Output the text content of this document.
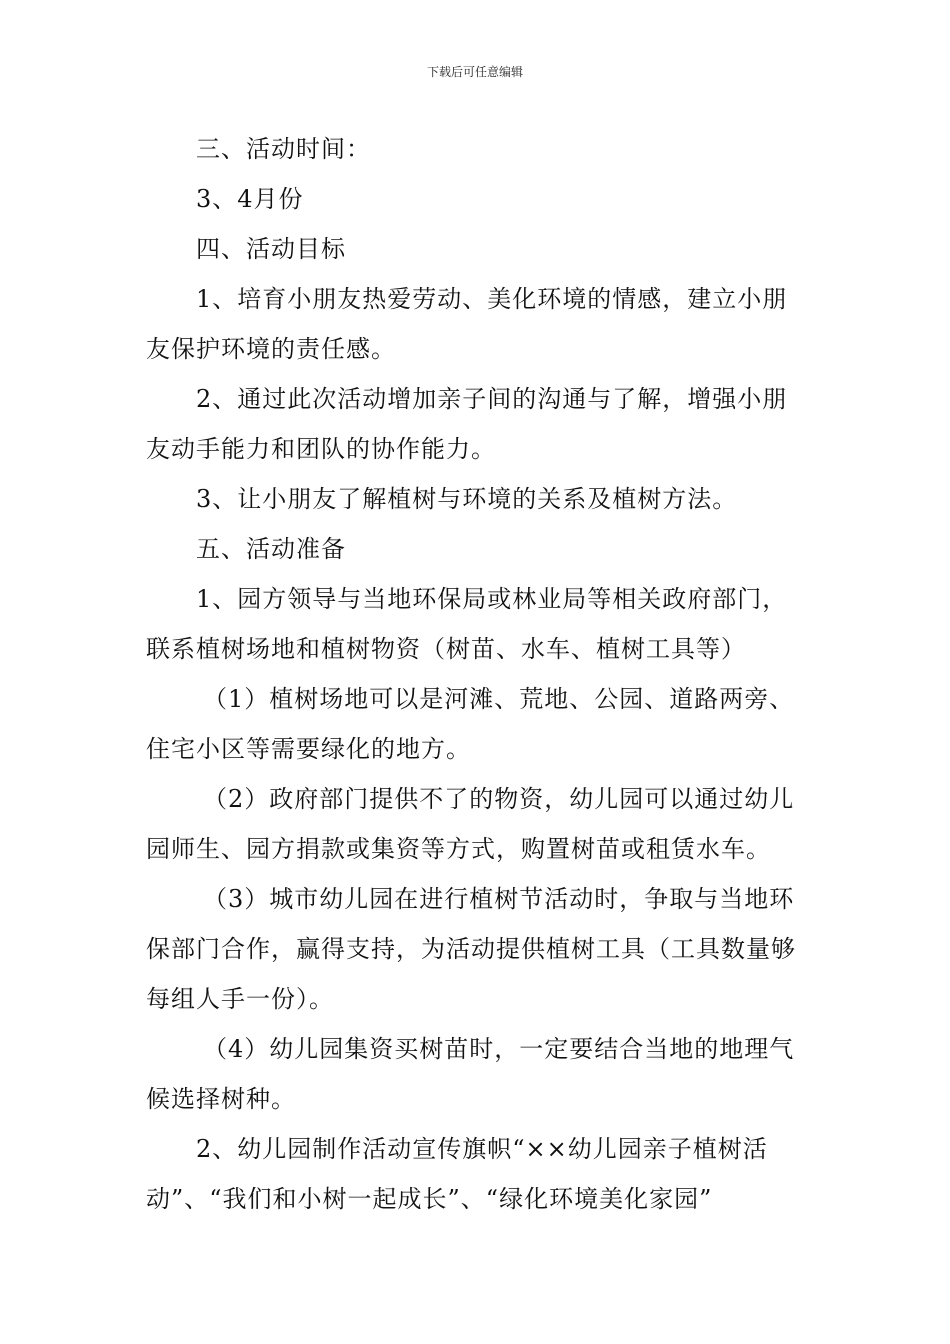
下载后可任意编辑

三、活动时间：

3、4月份

四、活动目标

1、培育小朋友热爱劳动、美化环境的情感，建立小朋友保护环境的责任感。

2、通过此次活动增加亲子间的沟通与了解，增强小朋友动手能力和团队的协作能力。

3、让小朋友了解植树与环境的关系及植树方法。

五、活动准备

1、园方领导与当地环保局或林业局等相关政府部门，联系植树场地和植树物资（树苗、水车、植树工具等）

（1）植树场地可以是河滩、荒地、公园、道路两旁、住宅小区等需要绿化的地方。

（2）政府部门提供不了的物资，幼儿园可以通过幼儿园师生、园方捐款或集资等方式，购置树苗或租赁水车。

（3）城市幼儿园在进行植树节活动时，争取与当地环保部门合作，赢得支持，为活动提供植树工具（工具数量够每组人手一份）。

（4）幼儿园集资买树苗时，一定要结合当地的地理气候选择树种。

2、幼儿园制作活动宣传旗帜“××幼儿园亲子植树活动”、“我们和小树一起成长”、“绿化环境美化家园”
